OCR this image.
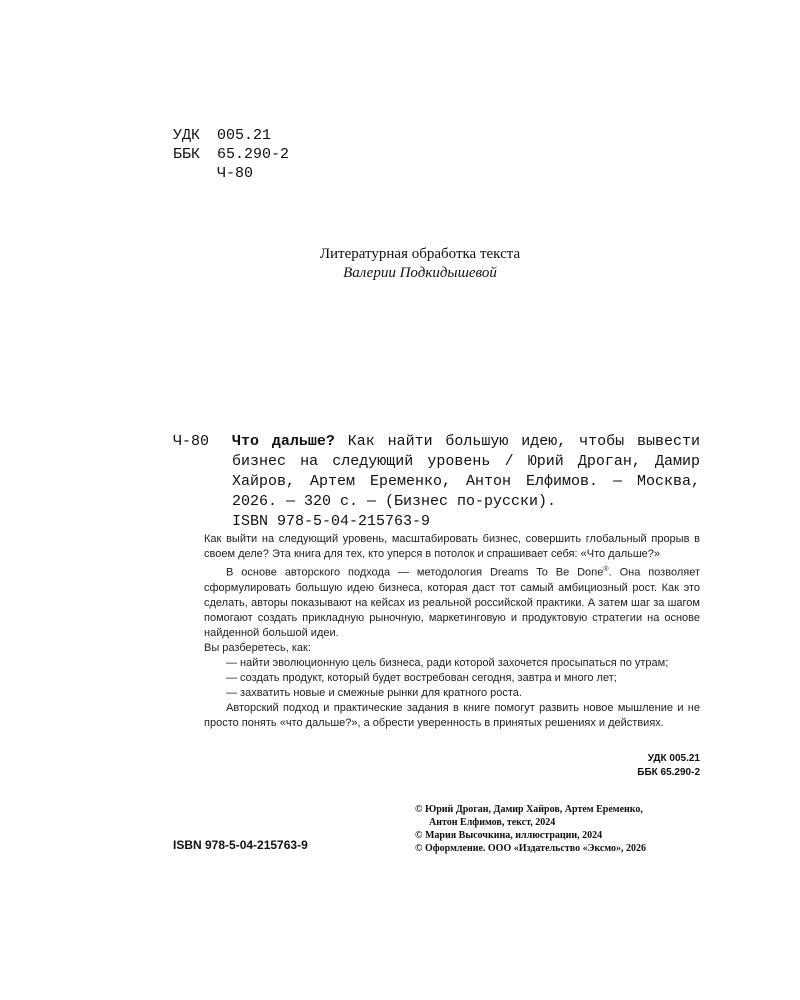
УДК	005.21
ББК	65.290-2
Ч-80
Литературная обработка текста
Валерии Подкидышевой
Ч-80 Что дальше? Как найти большую идею, чтобы вывести бизнес на следующий уровень / Юрий Дроган, Дамир Хайров, Артем Еременко, Антон Елфимов. — Москва, 2026. — 320 с. — (Бизнес по-русски).
ISBN 978-5-04-215763-9

Как выйти на следующий уровень, масштабировать бизнес, совершить глобальный прорыв в своем деле? Эта книга для тех, кто уперся в потолок и спрашивает себя: «Что дальше?»

В основе авторского подхода — методология Dreams To Be Done®. Она позволяет сформулировать большую идею бизнеса, которая даст тот самый амбициозный рост. Как это сделать, авторы показывают на кейсах из реальной российской практики. А затем шаг за шагом помогают создать прикладную рыночную, маркетинговую и продуктовую стратегии на основе найденной большой идеи.

Вы разберетесь, как:

— найти эволюционную цель бизнеса, ради которой захочется просыпаться по утрам;

— создать продукт, который будет востребован сегодня, завтра и много лет;

— захватить новые и смежные рынки для кратного роста.

Авторский подход и практические задания в книге помогут развить новое мышление и не просто понять «что дальше?», а обрести уверенность в принятых решениях и действиях.

УДК 005.21
ББК 65.290-2
ISBN 978-5-04-215763-9
© Юрий Дроган, Дамир Хайров, Артем Еременко,
Антон Елфимов, текст, 2024
© Мария Высочкина, иллюстрации, 2024
© Оформление. ООО «Издательство «Эксмо», 2026
